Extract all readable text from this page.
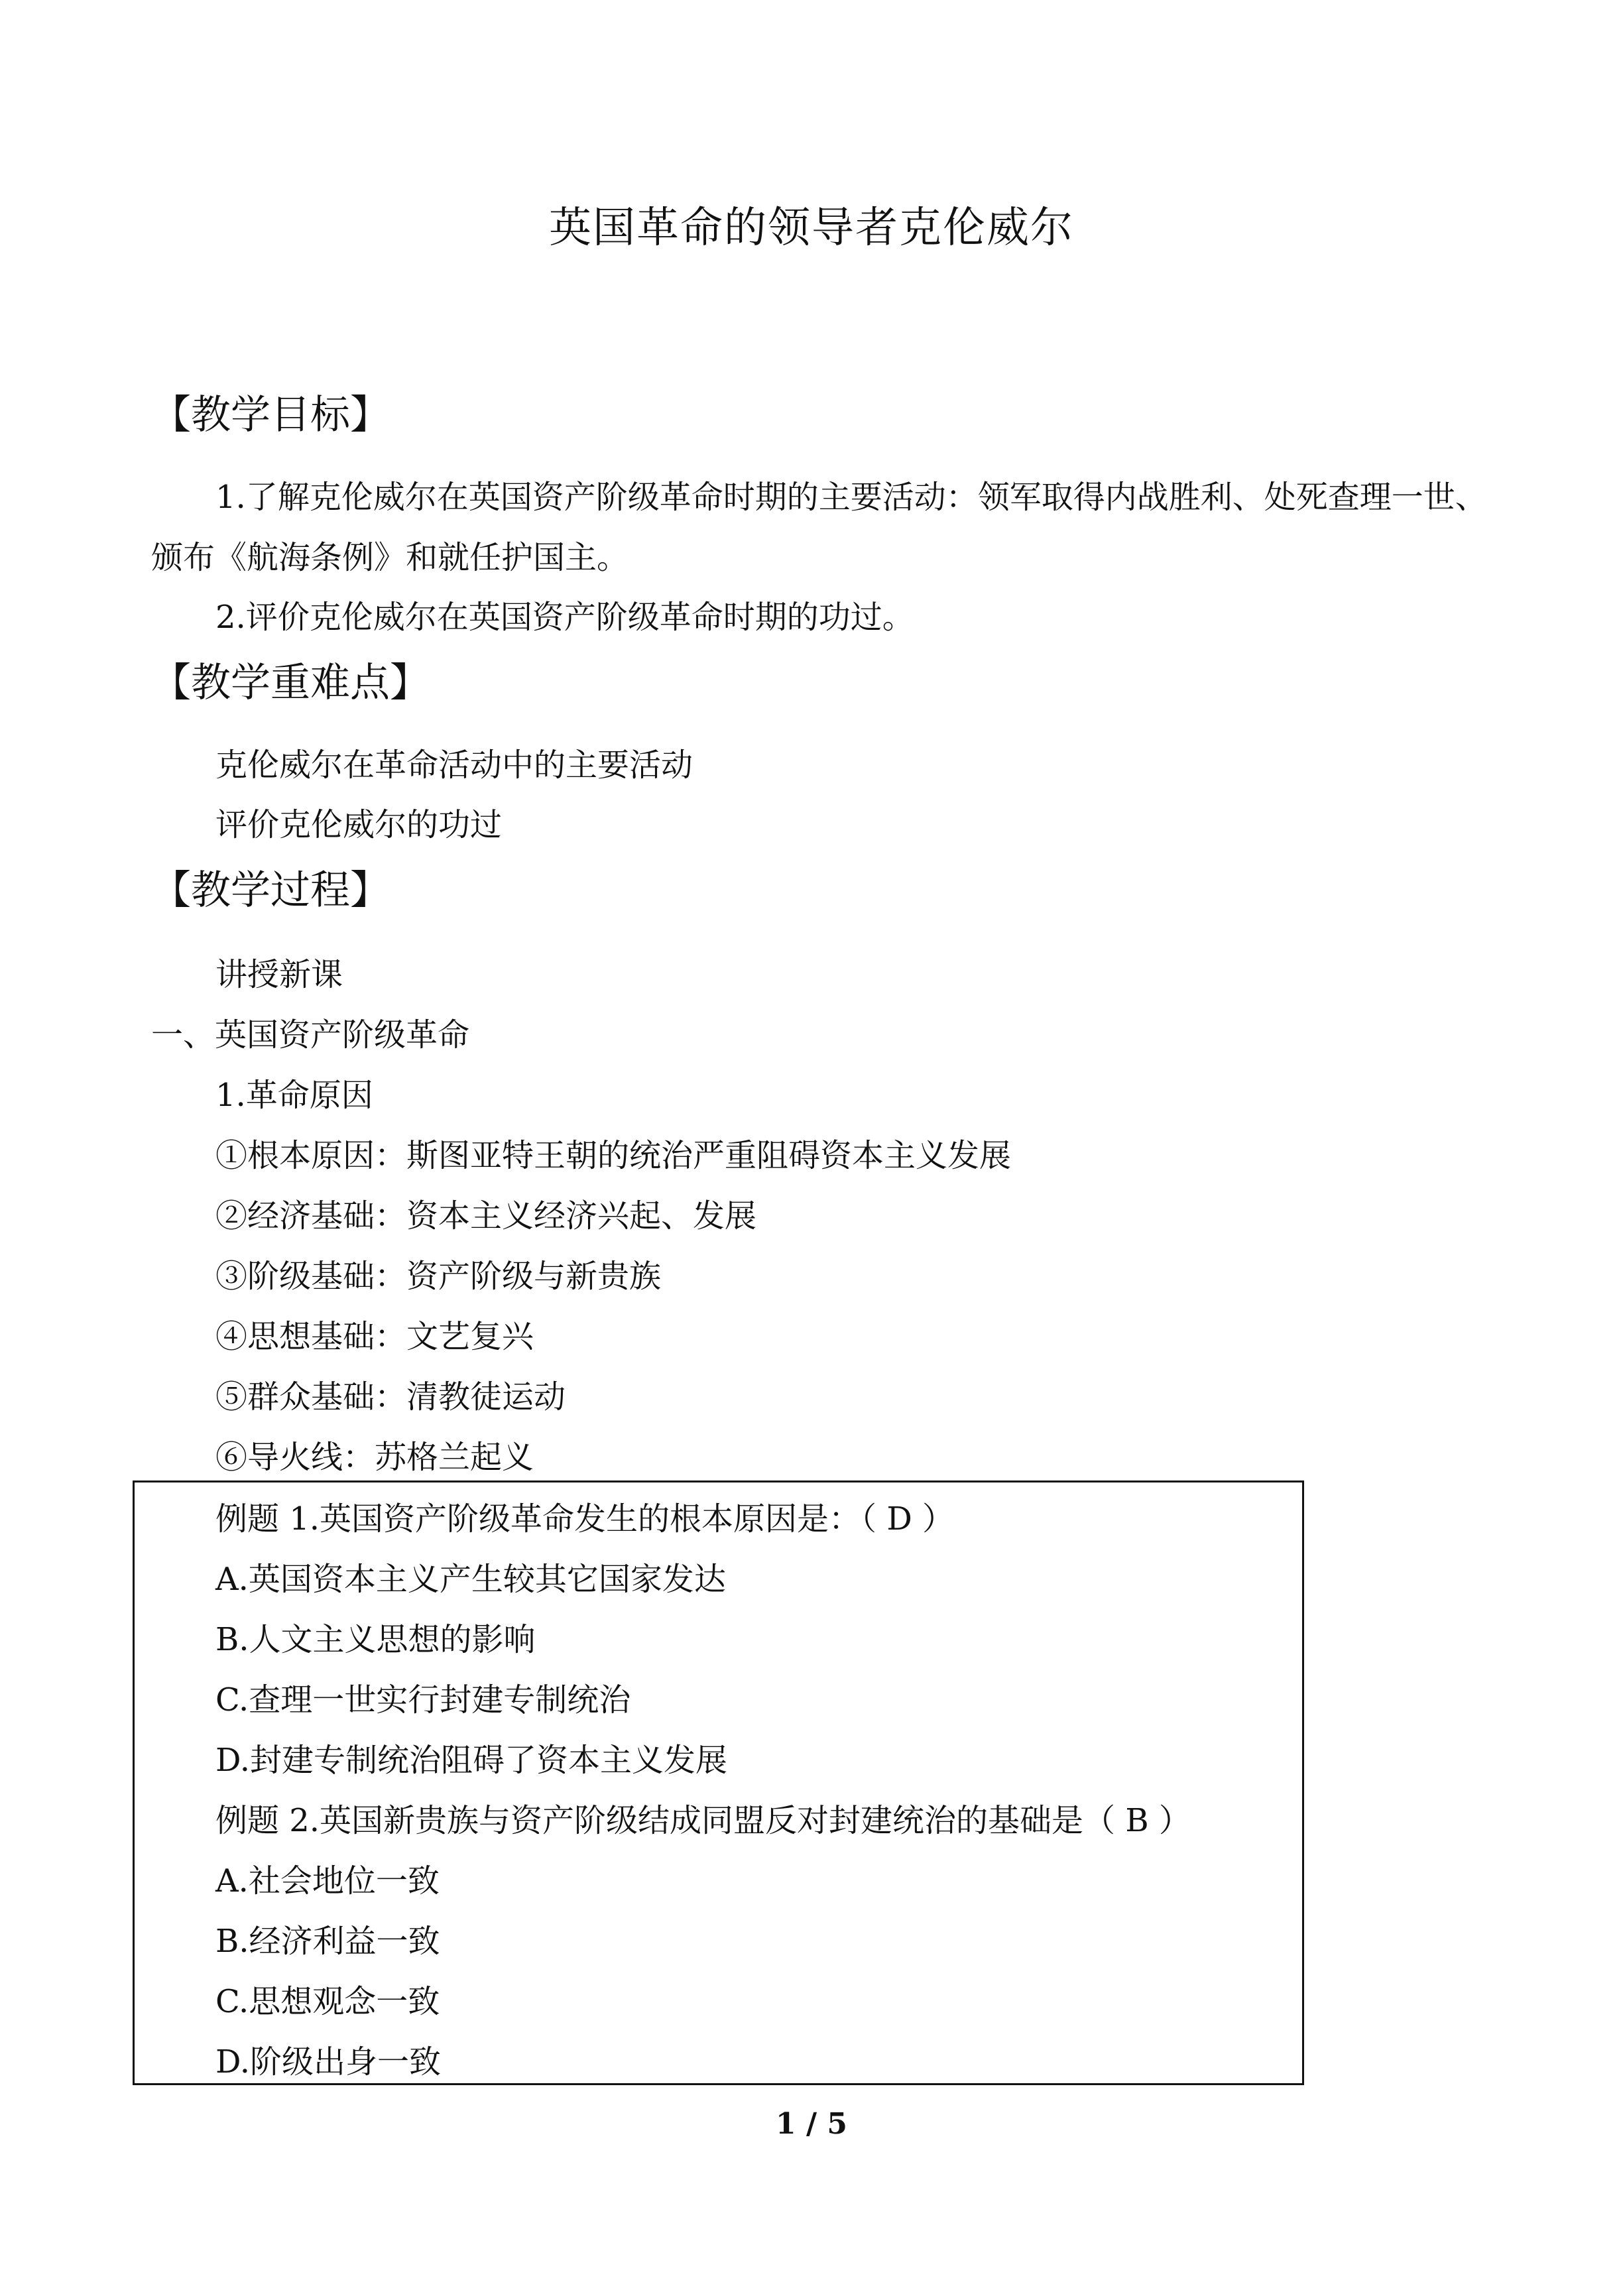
英国革命的领导者克伦威尔
【教学目标】
1.了解克伦威尔在英国资产阶级革命时期的主要活动：领军取得内战胜利、处死查理一世、
颁布《航海条例》和就任护国主。
2.评价克伦威尔在英国资产阶级革命时期的功过。
【教学重难点】
克伦威尔在革命活动中的主要活动
评价克伦威尔的功过
【教学过程】
讲授新课
一、英国资产阶级革命
1.革命原因
①根本原因：斯图亚特王朝的统治严重阻碍资本主义发展
②经济基础：资本主义经济兴起、发展
③阶级基础：资产阶级与新贵族
④思想基础：文艺复兴
⑤群众基础：清教徒运动
⑥导火线：苏格兰起义
例题 1.英国资产阶级革命发生的根本原因是：（ D ）
A.英国资本主义产生较其它国家发达
B.人文主义思想的影响
C.查理一世实行封建专制统治
D.封建专制统治阻碍了资本主义发展
例题 2.英国新贵族与资产阶级结成同盟反对封建统治的基础是（ B ）
A.社会地位一致
B.经济利益一致
C.思想观念一致
D.阶级出身一致
1 / 5
